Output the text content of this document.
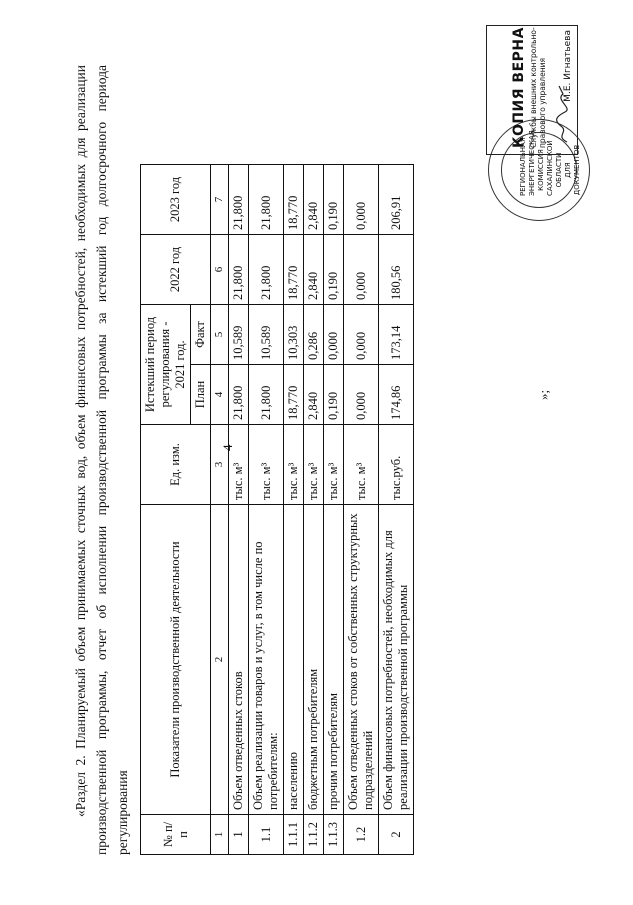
4

«Раздел 2. Планируемый объем принимаемых сточных вод, объем финансовых потребностей, необходимых для реализации производственной программы, отчет об исполнении производственной программы за истекший год долгосрочного периода регулирования № п/п	Показатели производственной деятельности	Ед. изм.	Истекший период регулирования - 2021 год.		2022 год	2023 год
			План	Факт		
1	2	3	4	5	6	7
1	Объем отведенных стоков	тыс. м³	21,800	10,589	21,800	21,800
1.1	Объем реализации товаров и услуг, в том числе по потребителям:	тыс. м³	21,800	10,589	21,800	21,800
1.1.1	населению	тыс. м³	18,770	10,303	18,770	18,770
1.1.2	бюджетным потребителям	тыс. м³	2,840	0,286	2,840	2,840
1.1.3	прочим потребителям	тыс. м³	0,190	0,000	0,190	0,190
1.2	Объем отведенных стоков от собственных структурных подразделений	тыс. м³	0,000	0,000	0,000	0,000
2	Объем финансовых потребностей, необходимых для реализации производственной программы	тыс.руб.	174,86	173,14	180,56	206,91
»;
РЕГИОНАЛЬНАЯ ЭНЕРГЕТИЧЕСКАЯ КОМИССИЯ САХАЛИНСКОЙ ОБЛАСТИ ДЛЯ ДОКУМЕНТОВ
КОПИЯ ВЕРНА Службы внешних контрольно-правового управления М.Е. Игнатьева
